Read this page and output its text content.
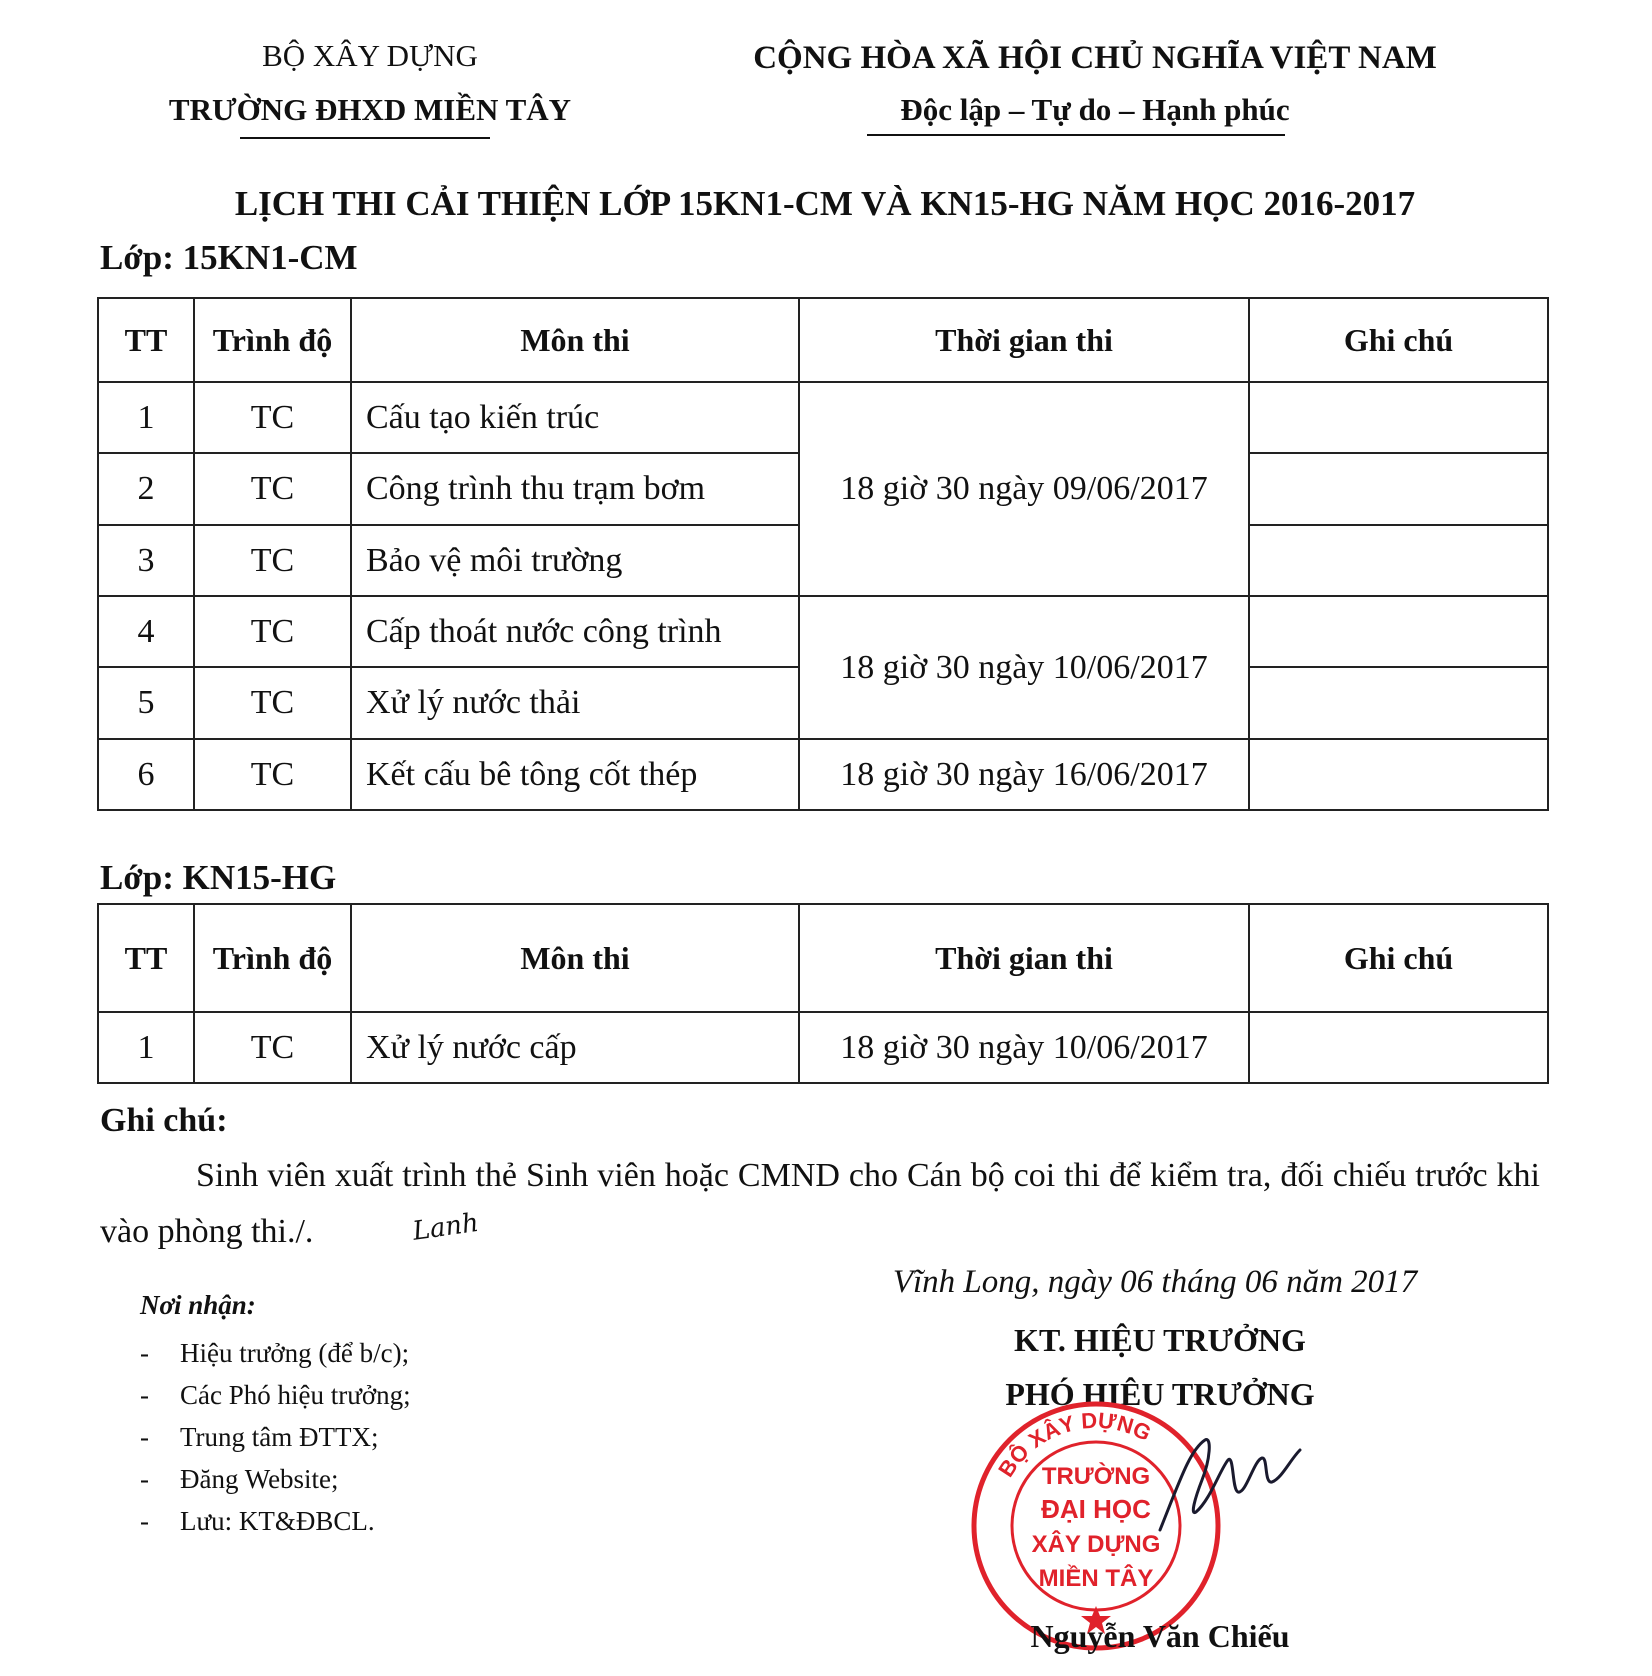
BỘ XÂY DỰNG
TRƯỜNG ĐHXD MIỀN TÂY
CỘNG HÒA XÃ HỘI CHỦ NGHĨA VIỆT NAM
Độc lập – Tự do – Hạnh phúc
LỊCH THI CẢI THIỆN LỚP 15KN1-CM VÀ KN15-HG NĂM HỌC 2016-2017
Lớp: 15KN1-CM
TT	Trình độ	Môn thi	Thời gian thi	Ghi chú
1	TC	Cấu tạo kiến trúc	18 giờ 30 ngày 09/06/2017	
2	TC	Công trình thu trạm bơm		
3	TC	Bảo vệ môi trường		
4	TC	Cấp thoát nước công trình	18 giờ 30 ngày 10/06/2017	
5	TC	Xử lý nước thải		
6	TC	Kết cấu bê tông cốt thép	18 giờ 30 ngày 16/06/2017	
Lớp: KN15-HG
TT	Trình độ	Môn thi	Thời gian thi	Ghi chú
1	TC	Xử lý nước cấp	18 giờ 30 ngày 10/06/2017	
Ghi chú:
Sinh viên xuất trình thẻ Sinh viên hoặc CMND cho Cán bộ coi thi để kiểm tra, đối chiếu trước khi vào phòng thi./.	Lanh
Nơi nhận:
- Hiệu trưởng (để b/c);
- Các Phó hiệu trưởng;
- Trung tâm ĐTTX;
- Đăng Website;
- Lưu: KT&ĐBCL.
Vĩnh Long, ngày 06 tháng 06 năm 2017
KT. HIỆU TRƯỞNG
PHÓ HIỆU TRƯỞNG
BỘ XÂY DỰNG
TRƯỜNG
ĐẠI HỌC
XÂY DỰNG
MIỀN TÂY
Nguyễn Văn Chiếu
